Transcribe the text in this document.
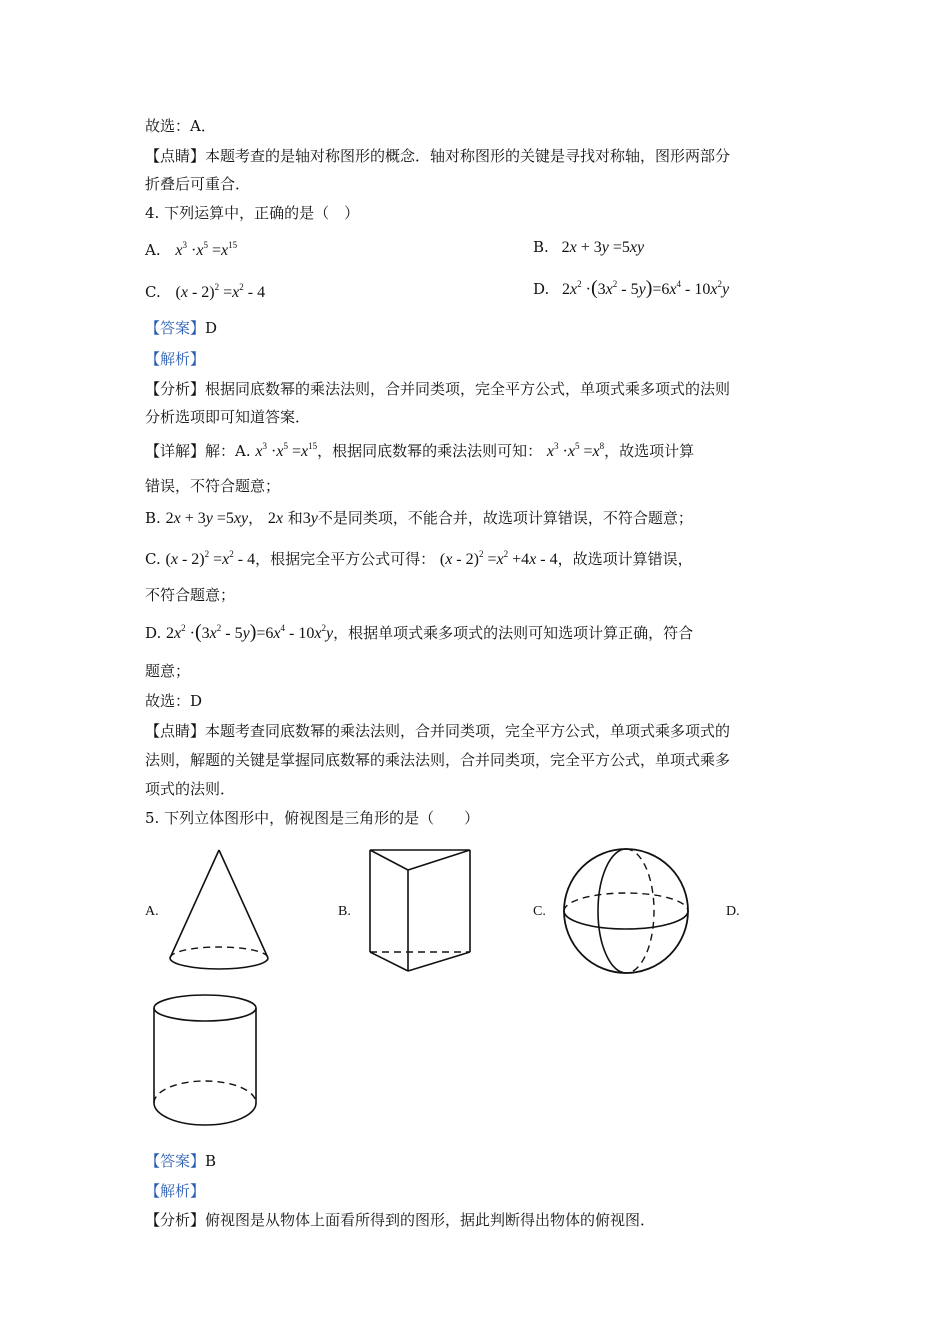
故选：A．
【点睛】本题考查的是轴对称图形的概念．轴对称图形的关键是寻找对称轴，图形两部分
折叠后可重合．
4. 下列运算中，正确的是（　）
A. $x^3 \cdot x^5 =x^{15}$	B. 2x + 3y =5xy
C. $(x - 2)^2 =x^2 - 4$	D. $2x^2 \cdot(3x^2 - 5y)=6x^4 - 10x^2y$
【答案】D
【解析】
【分析】根据同底数幂的乘法法则，合并同类项，完全平方公式，单项式乘多项式的法则
分析选项即可知道答案．
【详解】解：A. $x^3 \cdot x^5 =x^{15}$，根据同底数幂的乘法法则可知： $x^3 \cdot x^5 =x^8$，故选项计算
错误，不符合题意；
B. 2x + 3y =5xy， 2x 和3y不是同类项，不能合并，故选项计算错误，不符合题意；
C. $(x - 2)^2 =x^2 - 4$，根据完全平方公式可得： $(x - 2)^2 =x^2 +4x - 4$，故选项计算错误，
不符合题意；
D. $2x^2 \cdot(3x^2 - 5y)=6x^4 - 10x^2y$，根据单项式乘多项式的法则可知选项计算正确，符合
题意；
故选：D
【点睛】本题考查同底数幂的乘法法则，合并同类项，完全平方公式，单项式乘多项式的
法则，解题的关键是掌握同底数幂的乘法法则，合并同类项，完全平方公式，单项式乘多
项式的法则．
5. 下列立体图形中，俯视图是三角形的是（　　）
A.	B.	C.	D.
【答案】B
【解析】
【分析】俯视图是从物体上面看所得到的图形，据此判断得出物体的俯视图．
